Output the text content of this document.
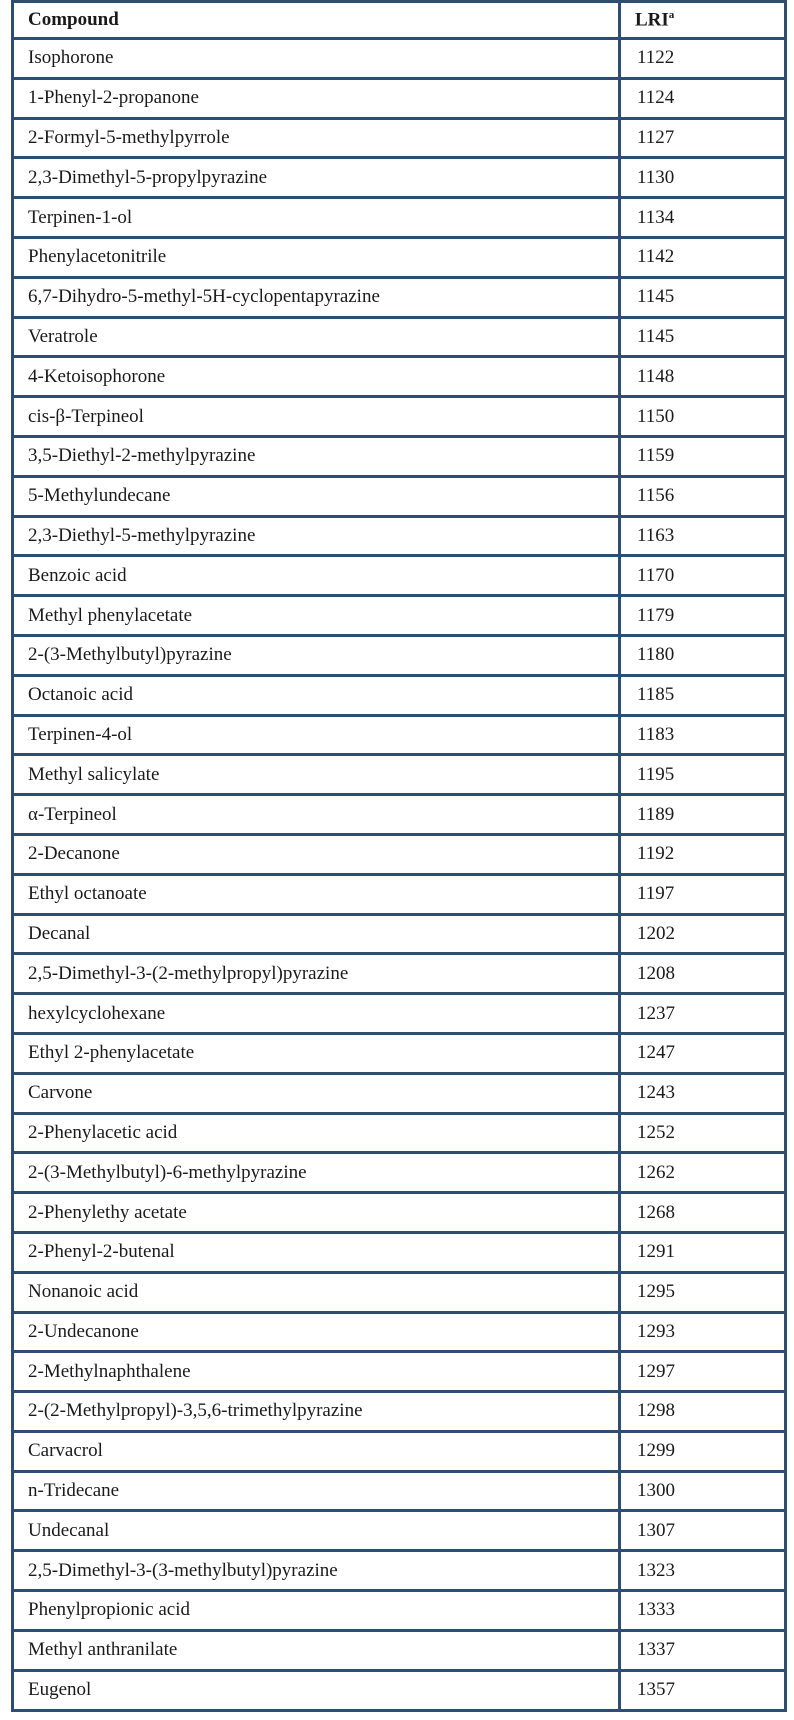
Compound	LRI$^a$
Isophorone	1122
1-Phenyl-2-propanone	1124
2-Formyl-5-methylpyrrole	1127
2,3-Dimethyl-5-propylpyrazine	1130
Terpinen-1-ol	1134
Phenylacetonitrile	1142
6,7-Dihydro-5-methyl-5H-cyclopentapyrazine	1145
Veratrole	1145
4-Ketoisophorone	1148
cis-β-Terpineol	1150
3,5-Diethyl-2-methylpyrazine	1159
5-Methylundecane	1156
2,3-Diethyl-5-methylpyrazine	1163
Benzoic acid	1170
Methyl phenylacetate	1179
2-(3-Methylbutyl)pyrazine	1180
Octanoic acid	1185
Terpinen-4-ol	1183
Methyl salicylate	1195
α-Terpineol	1189
2-Decanone	1192
Ethyl octanoate	1197
Decanal	1202
2,5-Dimethyl-3-(2-methylpropyl)pyrazine	1208
hexylcyclohexane	1237
Ethyl 2-phenylacetate	1247
Carvone	1243
2-Phenylacetic acid	1252
2-(3-Methylbutyl)-6-methylpyrazine	1262
2-Phenylethy acetate	1268
2-Phenyl-2-butenal	1291
Nonanoic acid	1295
2-Undecanone	1293
2-Methylnaphthalene	1297
2-(2-Methylpropyl)-3,5,6-trimethylpyrazine	1298
Carvacrol	1299
n-Tridecane	1300
Undecanal	1307
2,5-Dimethyl-3-(3-methylbutyl)pyrazine	1323
Phenylpropionic acid	1333
Methyl anthranilate	1337
Eugenol	1357
